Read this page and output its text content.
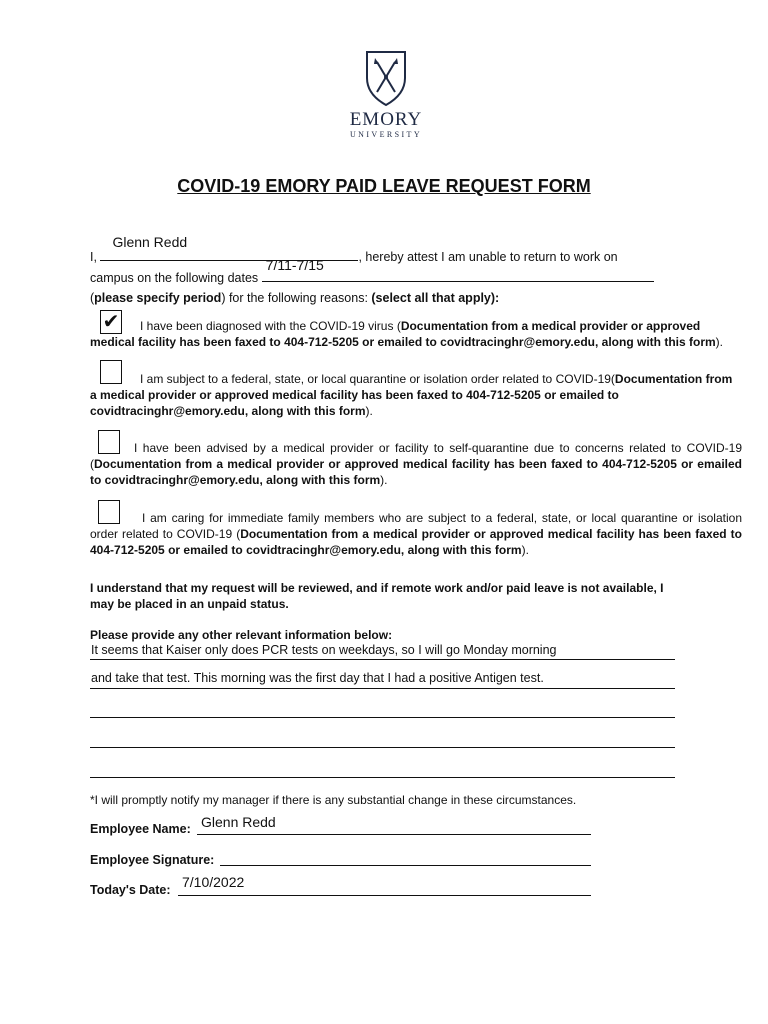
EMORY
UNIVERSITY
COVID-19 EMORY PAID LEAVE REQUEST FORM
I,
Glenn Redd
, hereby attest I am unable to return to work on
campus on the following dates
7/11-7/15
(please specify period) for the following reasons: (select all that apply):
✔	I have been diagnosed with the COVID-19 virus (Documentation from a medical provider or approved medical facility has been faxed to 404-712-5205 or emailed to covidtracinghr@emory.edu, along with this form).
I am subject to a federal, state, or local quarantine or isolation order related to COVID-19(Documentation from a medical provider or approved medical facility has been faxed to 404-712-5205 or emailed to covidtracinghr@emory.edu, along with this form).
I have been advised by a medical provider or facility to self-quarantine due to concerns related to COVID-19 (Documentation from a medical provider or approved medical facility has been faxed to 404-712-5205 or emailed to covidtracinghr@emory.edu, along with this form).
I am caring for immediate family members who are subject to a federal, state, or local quarantine or isolation order related to COVID-19 (Documentation from a medical provider or approved medical facility has been faxed to 404-712-5205 or emailed to covidtracinghr@emory.edu, along with this form).
I understand that my request will be reviewed, and if remote work and/or paid leave is not available, I may be placed in an unpaid status.
Please provide any other relevant information below:
It seems that Kaiser only does PCR tests on weekdays, so I will go Monday morning
and take that test. This morning was the first day that I had a positive Antigen test.
*I will promptly notify my manager if there is any substantial change in these circumstances.
Employee Name: Glenn Redd
Employee Signature:
Today's Date: 7/10/2022
